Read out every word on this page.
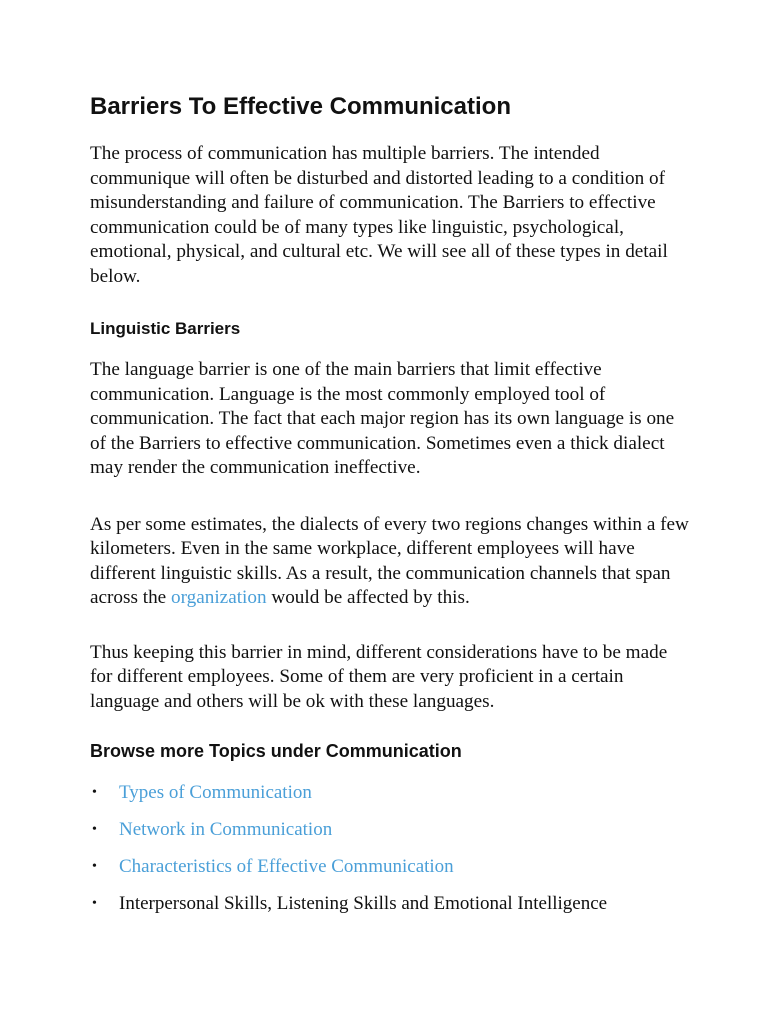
Barriers To Effective Communication

The process of communication has multiple barriers. The intended communique will often be disturbed and distorted leading to a condition of misunderstanding and failure of communication. The Barriers to effective communication could be of many types like linguistic, psychological, emotional, physical, and cultural etc. We will see all of these types in detail below.

Linguistic Barriers

The language barrier is one of the main barriers that limit effective communication. Language is the most commonly employed tool of communication. The fact that each major region has its own language is one of the Barriers to effective communication. Sometimes even a thick dialect may render the communication ineffective.

As per some estimates, the dialects of every two regions changes within a few kilometers. Even in the same workplace, different employees will have different linguistic skills. As a result, the communication channels that span across the organization would be affected by this.

Thus keeping this barrier in mind, different considerations have to be made for different employees. Some of them are very proficient in a certain language and others will be ok with these languages.

Browse more Topics under Communication
• Types of Communication
• Network in Communication
• Characteristics of Effective Communication
• Interpersonal Skills, Listening Skills and Emotional Intelligence
